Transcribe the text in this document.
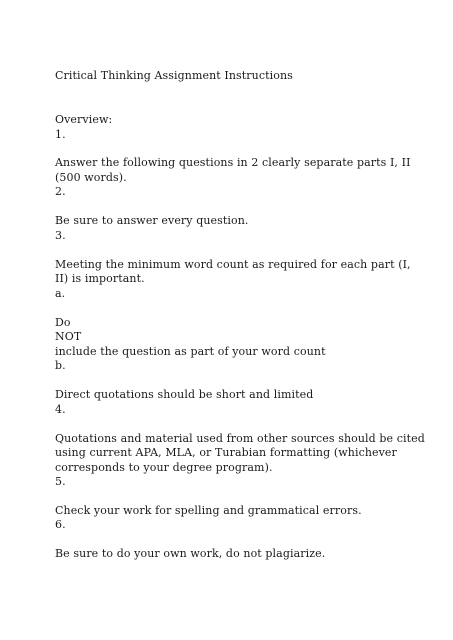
Critical Thinking Assignment Instructions
Overview:
1.
Answer the following questions in 2 clearly separate parts I, II
(500 words).
2.
Be sure to answer every question.
3.
Meeting the minimum word count as required for each part (I,
II) is important.
a.
Do
NOT
include the question as part of your word count
b.
Direct quotations should be short and limited
4.
Quotations and material used from other sources should be cited
using current APA, MLA, or Turabian formatting (whichever
corresponds to your degree program).
5.
Check your work for spelling and grammatical errors.
6.
Be sure to do your own work, do not plagiarize.
